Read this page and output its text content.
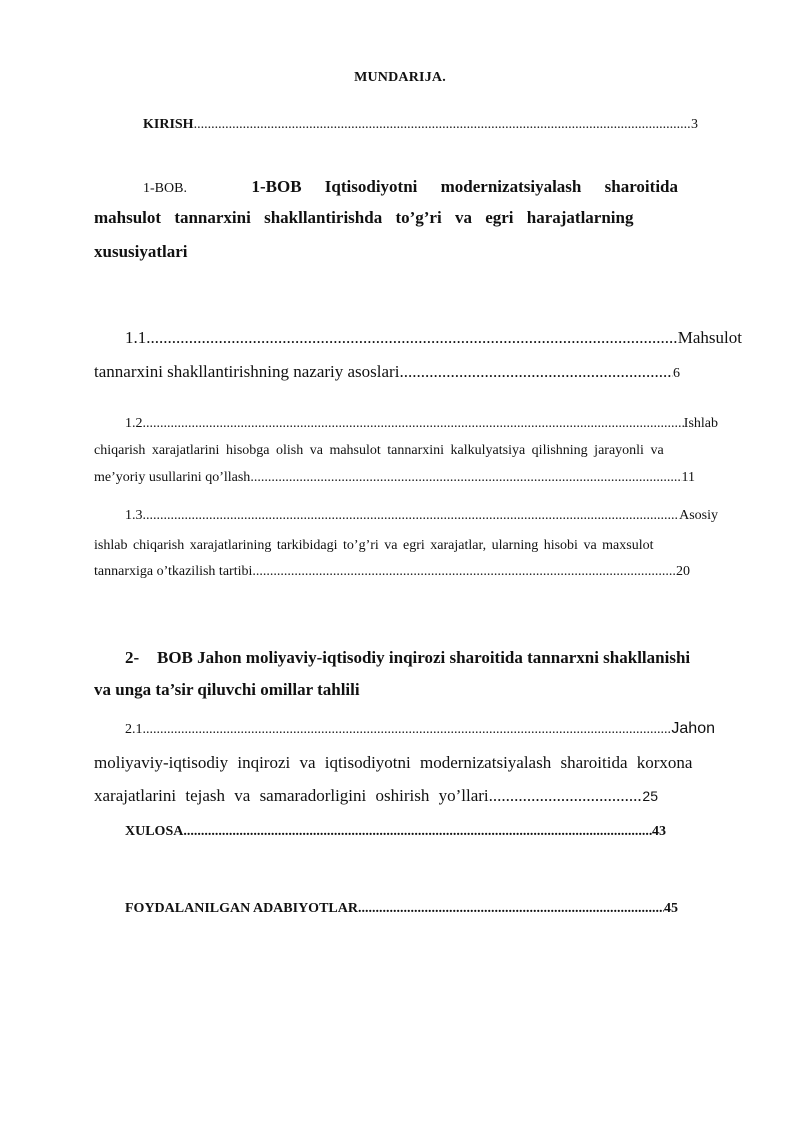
MUNDARIJA.
KIRISH .....	3
1-BOB.	1-BOB Iqtisodiyotni modernizatsiyalash sharoitida
mahsulot tannarxini shakllantirishda to’g’ri va egri harajatlarning
xususiyatlari
1.1 .....	Mahsulot
tannarxini shakllantirishning nazariy asoslari .....	6
1.2 .....	Ishlab
chiqarish xarajatlarini hisobga olish va mahsulot tannarxini kalkulyatsiya qilishning jarayonli va
me’yoriy usullarini qo’llash .....	11
1.3 .....	Asosiy
ishlab chiqarish xarajatlarining tarkibidagi to’g’ri va egri xarajatlar, ularning hisobi va maxsulot
tannarxiga o’tkazilish tartibi .....	20
2-	BOB Jahon moliyaviy-iqtisodiy inqirozi sharoitida tannarxni shakllanishi
va unga ta’sir qiluvchi omillar tahlili
2.1 .....	Jahon
moliyaviy-iqtisodiy inqirozi va iqtisodiyotni modernizatsiyalash sharoitida korxona
xarajatlarini tejash va samaradorligini oshirish yo’llari .....	25
XULOSA .....	43
FOYDALANILGAN ADABIYOTLAR .....	45
